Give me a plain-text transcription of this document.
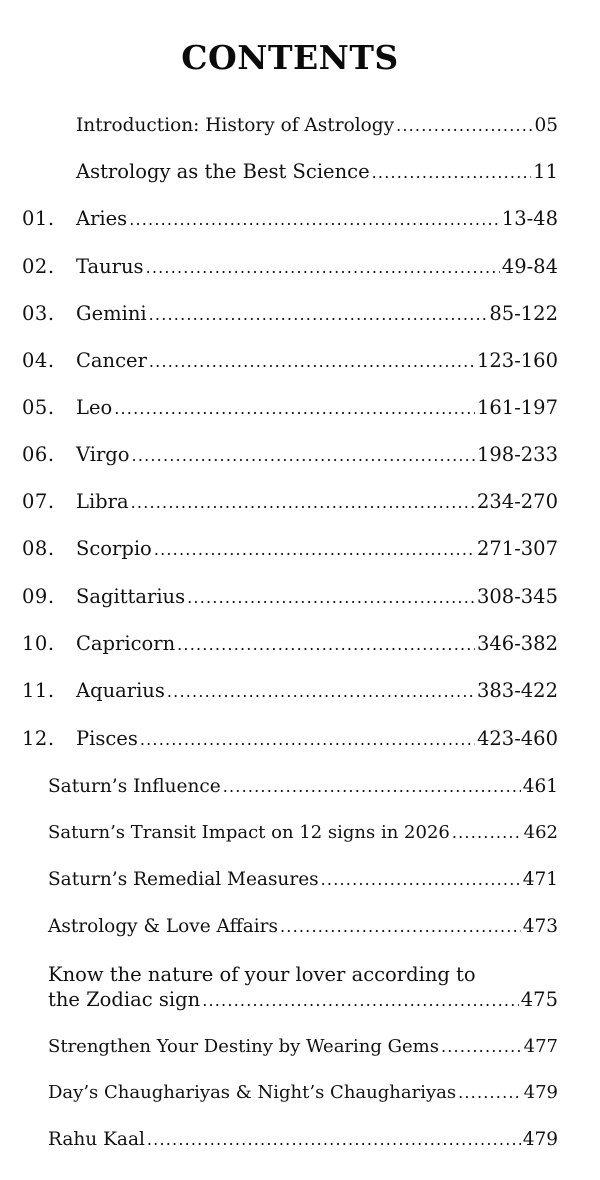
CONTENTS
Introduction: History of Astrology .....	05
Astrology as the Best Science .....	11
01.	Aries .....	13-48
02.	Taurus .....	49-84
03.	Gemini .....	85-122
04.	Cancer .....	123-160
05.	Leo .....	161-197
06.	Virgo .....	198-233
07.	Libra .....	234-270
08.	Scorpio .....	271-307
09.	Sagittarius .....	308-345
10.	Capricorn .....	346-382
11.	Aquarius .....	383-422
12.	Pisces .....	423-460
Saturn’s Influence .....	461
Saturn’s Transit Impact on 12 signs in 2026 .....	462
Saturn’s Remedial Measures .....	471
Astrology & Love Affairs .....	473
Know the nature of your lover according to
the Zodiac sign .....	475
Strengthen Your Destiny by Wearing Gems .....	477
Day’s Chaughariyas & Night’s Chaughariyas .....	479
Rahu Kaal .....	479
